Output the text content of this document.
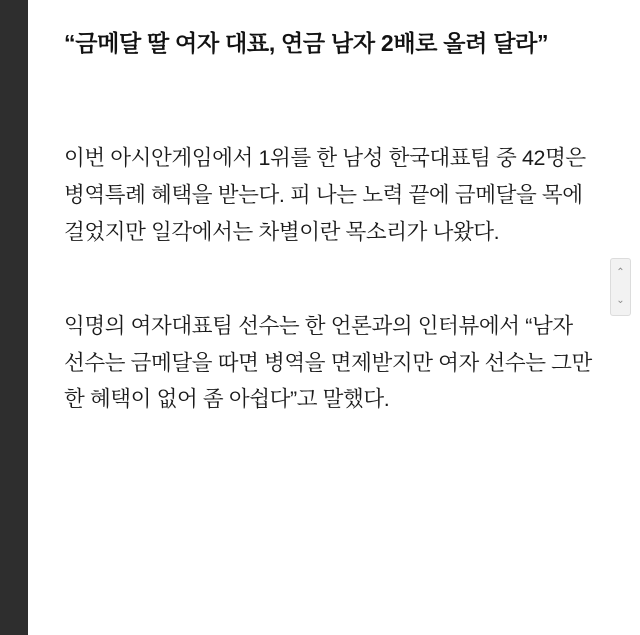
“금메달 딸 여자 대표, 연금 남자 2배로 올려 달라”

이번 아시안게임에서 1위를 한 남성 한국대표팀 중 42명은 병역특례 혜택을 받는다. 피 나는 노력 끝에 금메달을 목에 걸었지만 일각에서는 차별이란 목소리가 나왔다.

익명의 여자대표팀 선수는 한 언론과의 인터뷰에서 “남자 선수는 금메달을 따면 병역을 면제받지만 여자 선수는 그만한 혜택이 없어 좀 아쉽다”고 말했다.

⌃
⌄
